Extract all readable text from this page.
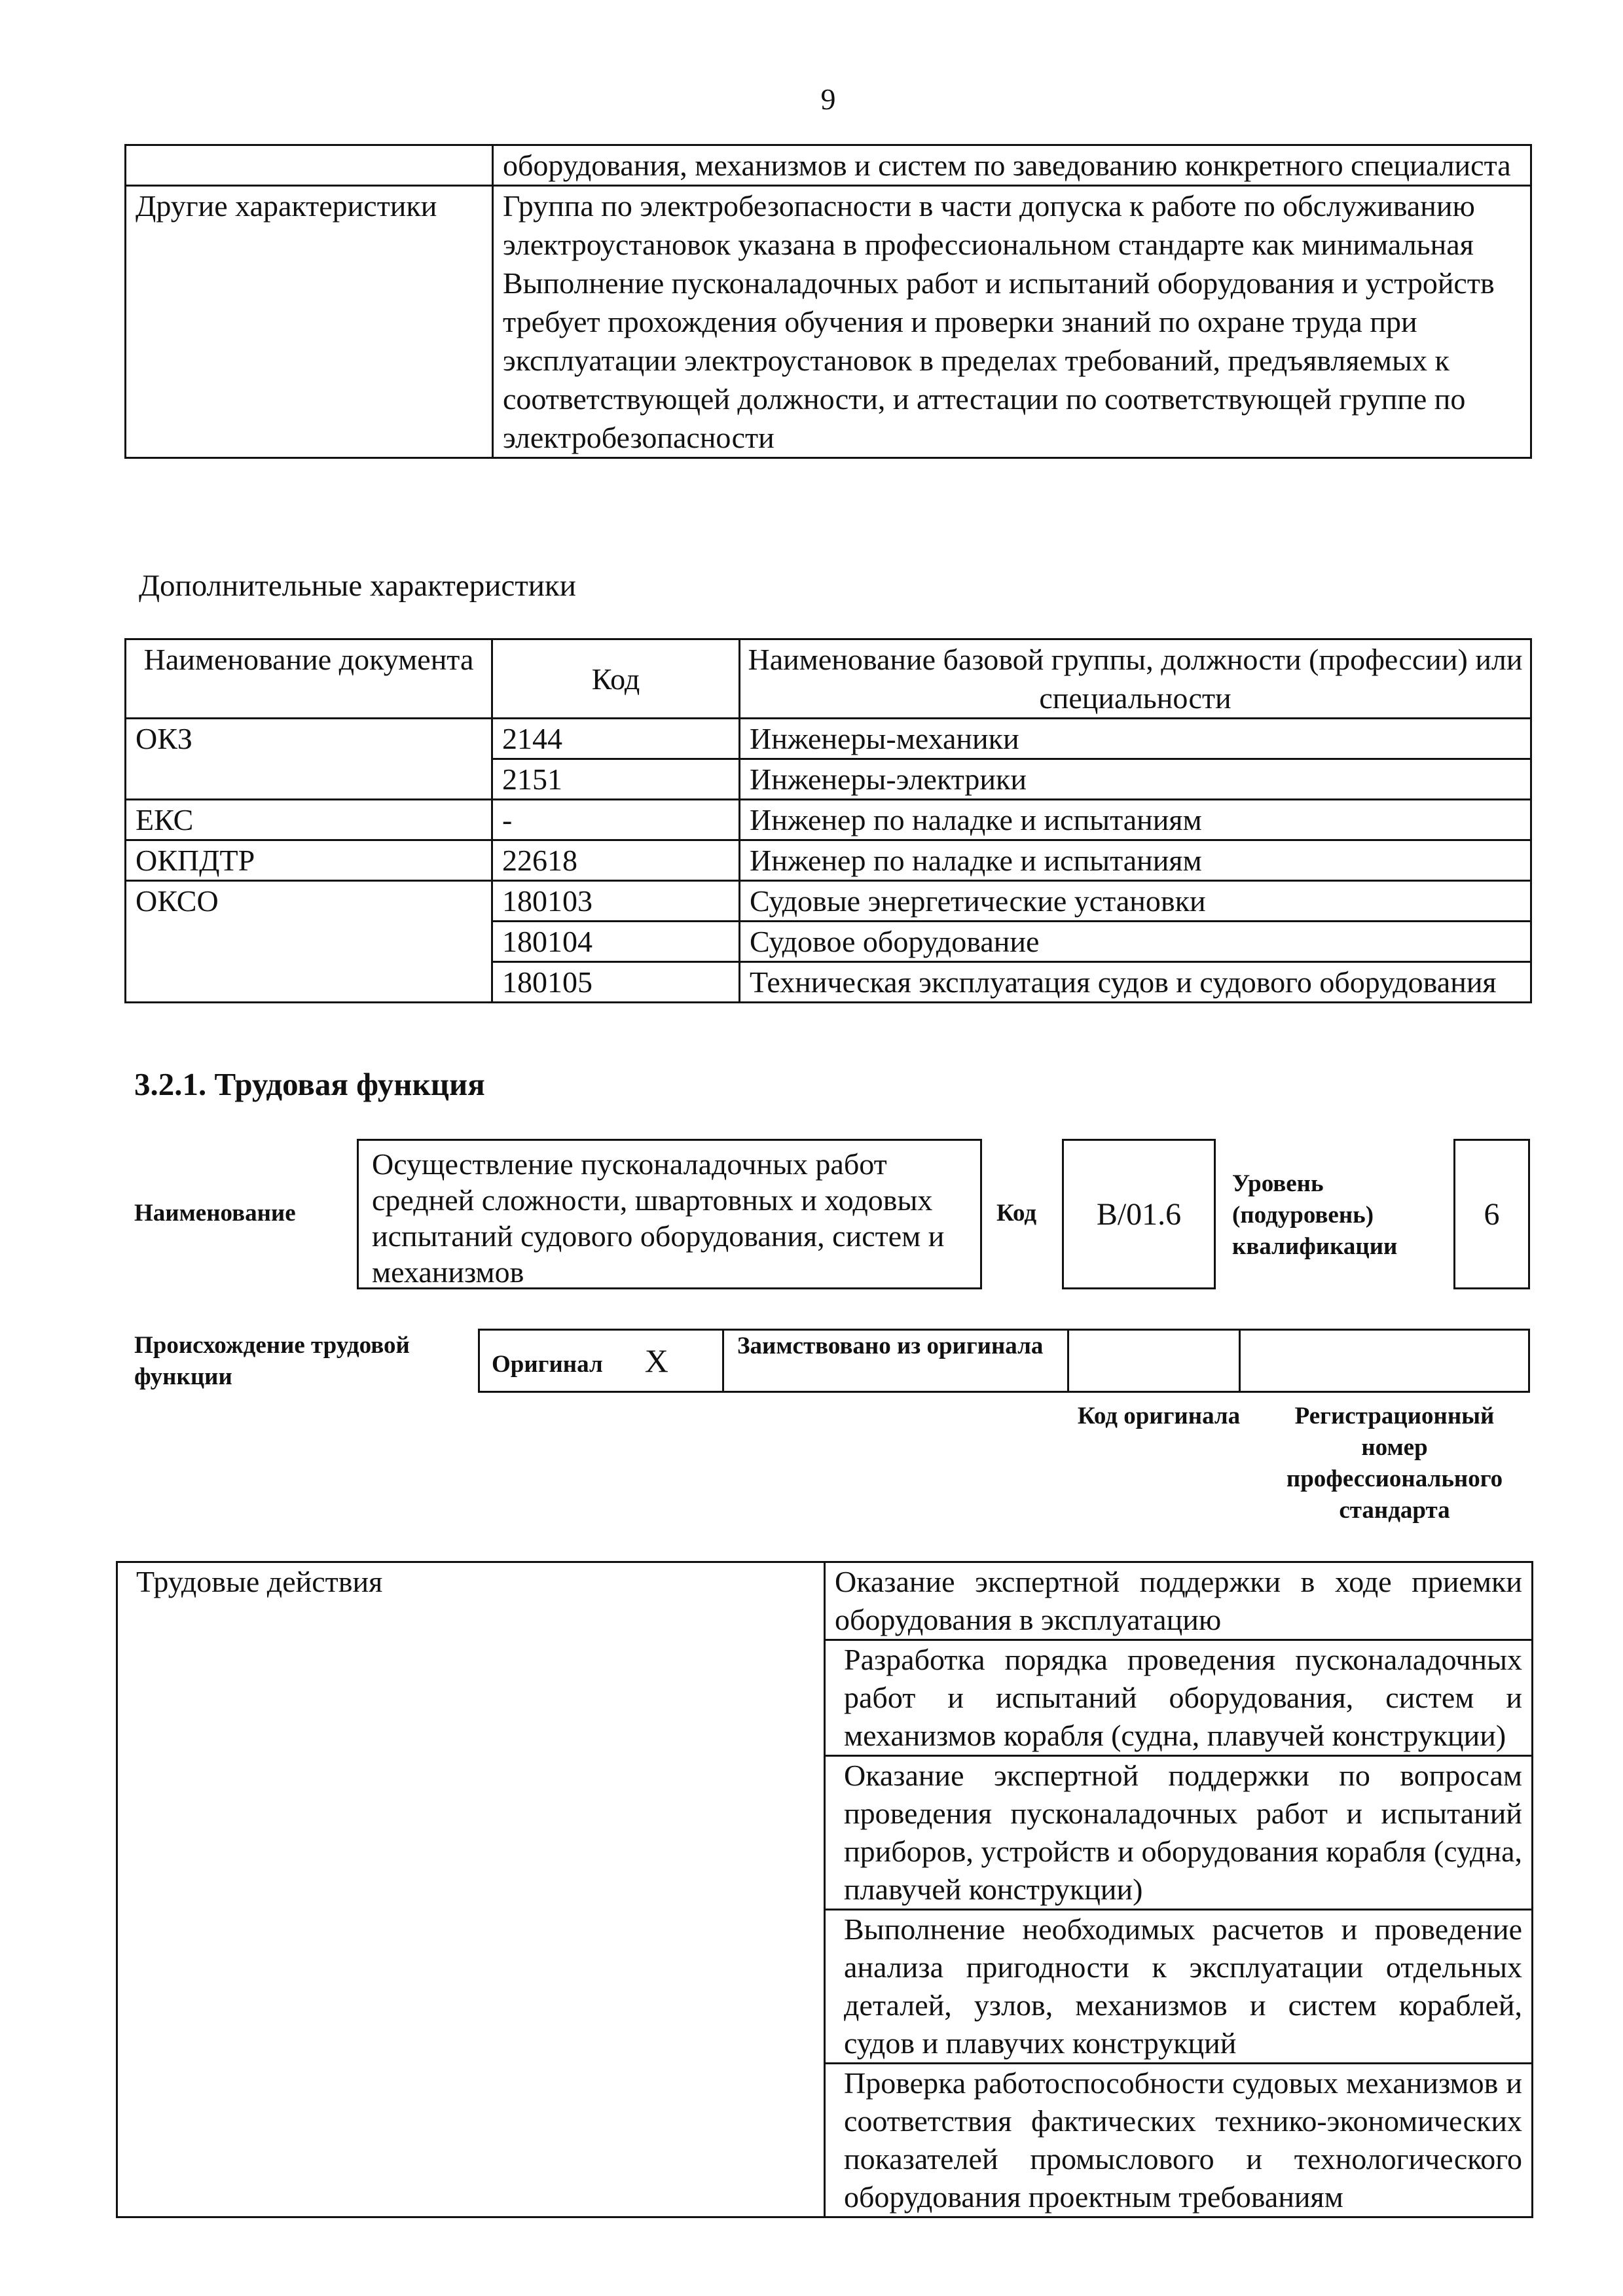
9
	оборудования, механизмов и систем по заведованию конкретного специалиста
Другие характеристики	Группа по электробезопасности в части допуска к работе по обслуживанию электроустановок указана в профессиональном стандарте как минимальная
Выполнение пусконаладочных работ и испытаний оборудования и устройств требует прохождения обучения и проверки знаний по охране труда при эксплуатации электроустановок в пределах требований, предъявляемых к соответствующей должности, и аттестации по соответствующей группе по электробезопасности
Дополнительные характеристики
Наименование документа	Код	Наименование базовой группы, должности (профессии) или специальности
ОКЗ	2144	Инженеры-механики
	2151	Инженеры-электрики
ЕКС	-	Инженер по наладке и испытаниям
ОКПДТР	22618	Инженер по наладке и испытаниям
ОКСО	180103	Судовые энергетические установки
	180104	Судовое оборудование
	180105	Техническая эксплуатация судов и судового оборудования
3.2.1. Трудовая функция
Наименование
Осуществление пусконаладочных работ средней сложности, швартовных и ходовых испытаний судового оборудования, систем и механизмов
Код B/01.6
Уровень (подуровень) квалификации
6
Происхождение трудовой функции	Оригинал X	Заимствовано из оригинала		
Код оригинала	Регистрационный номер профессионального стандарта
Трудовые действия	Оказание экспертной поддержки в ходе приемки оборудования в эксплуатацию
Разработка порядка проведения пусконаладочных работ и испытаний оборудования, систем и механизмов корабля (судна, плавучей конструкции)
Оказание экспертной поддержки по вопросам проведения пусконаладочных работ и испытаний приборов, устройств и оборудования корабля (судна, плавучей конструкции)
Выполнение необходимых расчетов и проведение анализа пригодности к эксплуатации отдельных деталей, узлов, механизмов и систем кораблей, судов и плавучих конструкций
Проверка работоспособности судовых механизмов и соответствия фактических технико-экономических показателей промыслового и технологического оборудования проектным требованиям
